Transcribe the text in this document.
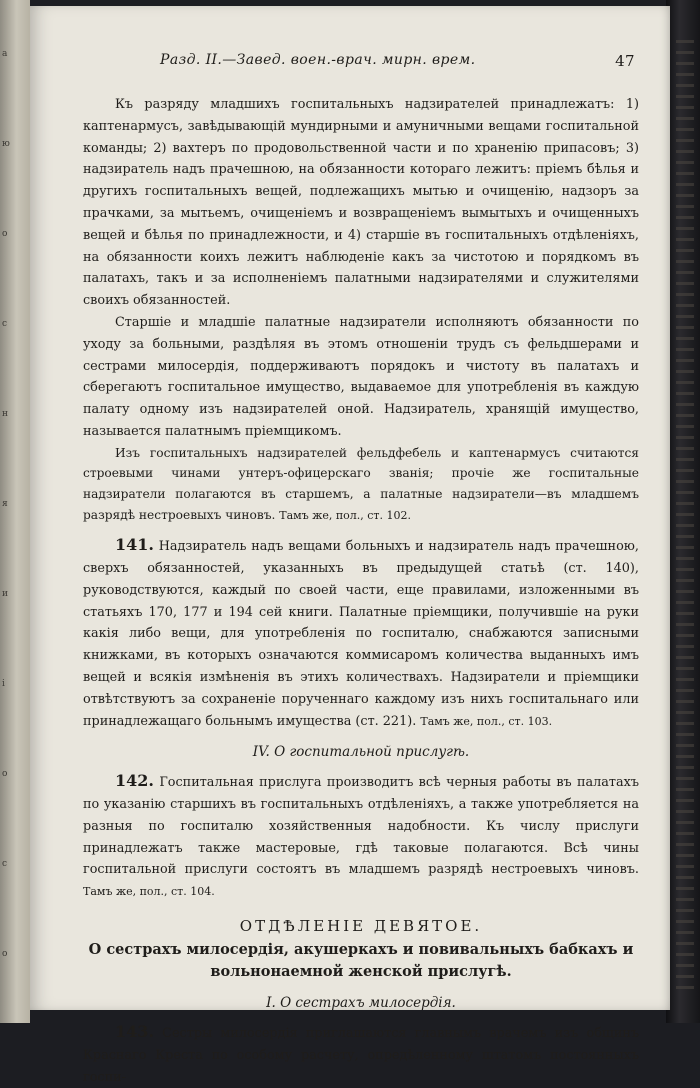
а
ю
о
с
н
я
и
і
о
с
о
Разд. II.—Завед. воен.-врач. мирн. врем.	47

Къ разряду младшихъ госпитальныхъ надзирателей принадлежатъ: 1) каптенармусъ, завѣдывающій мундирными и амуничными вещами госпитальной команды; 2) вахтеръ по продовольственной части и по храненію припасовъ; 3) надзиратель надъ прачешною, на обязанности котораго лежитъ: пріемъ бѣлья и другихъ госпитальныхъ вещей, подлежащихъ мытью и очищенію, надзоръ за прачками, за мытьемъ, очищеніемъ и возвращеніемъ вымытыхъ и очищенныхъ вещей и бѣлья по принадлежности, и 4) старшіе въ госпитальныхъ отдѣленіяхъ, на обязанности коихъ лежитъ наблюденіе какъ за чистотою и порядкомъ въ палатахъ, такъ и за исполненіемъ палатными надзирателями и служителями своихъ обязанностей.

Старшіе и младшіе палатные надзиратели исполняютъ обязанности по уходу за больными, раздѣляя въ этомъ отношеніи трудъ съ фельдшерами и сестрами милосердія, поддерживаютъ порядокъ и чистоту въ палатахъ и сберегаютъ госпитальное имущество, выдаваемое для употребленія въ каждую палату одному изъ надзирателей оной. Надзиратель, хранящій имущество, называется палатнымъ пріемщикомъ.

Изъ госпитальныхъ надзирателей фельдфебель и каптенармусъ считаются строевыми чинами унтеръ-офицерскаго званія; прочіе же госпитальные надзиратели полагаются въ старшемъ, а палатные надзиратели—въ младшемъ разрядѣ нестроевыхъ чиновъ. Тамъ же, пол., ст. 102.

141. Надзиратель надъ вещами больныхъ и надзиратель надъ прачешною, сверхъ обязанностей, указанныхъ въ предыдущей статьѣ (ст. 140), руководствуются, каждый по своей части, еще правилами, изложенными въ статьяхъ 170, 177 и 194 сей книги. Палатные пріемщики, получившіе на руки какія либо вещи, для употребленія по госпиталю, снабжаются записными книжками, въ которыхъ означаются коммисаромъ количества выданныхъ имъ вещей и всякія измѣненія въ этихъ количествахъ. Надзиратели и пріемщики отвѣтствуютъ за сохраненіе порученнаго каждому изъ нихъ госпитальнаго или принадлежащаго больнымъ имущества (ст. 221). Тамъ же, пол., ст. 103.

IV. О госпитальной прислугѣ.

142. Госпитальная прислуга производитъ всѣ черныя работы въ палатахъ по указанію старшихъ въ госпитальныхъ отдѣленіяхъ, а также употребляется на разныя по госпиталю хозяйственныя надобности. Къ числу прислуги принадлежатъ также мастеровые, гдѣ таковые полагаются. Всѣ чины госпитальной прислуги состоятъ въ младшемъ разрядѣ нестроевыхъ чиновъ. Тамъ же, пол., ст. 104.

ОТДѢЛЕНІЕ ДЕВЯТОЕ.
О сестрахъ милосердія, акушеркахъ и повивальныхъ бабкахъ и вольнонаемной женской прислугѣ.
I. О сестрахъ милосердія.

143. Сестры милосердія приглашаются главнымъ врачемъ изъ общинъ Краснаго Креста по особому расчету, опредѣленному штатомъ постоянныхъ госпи-
